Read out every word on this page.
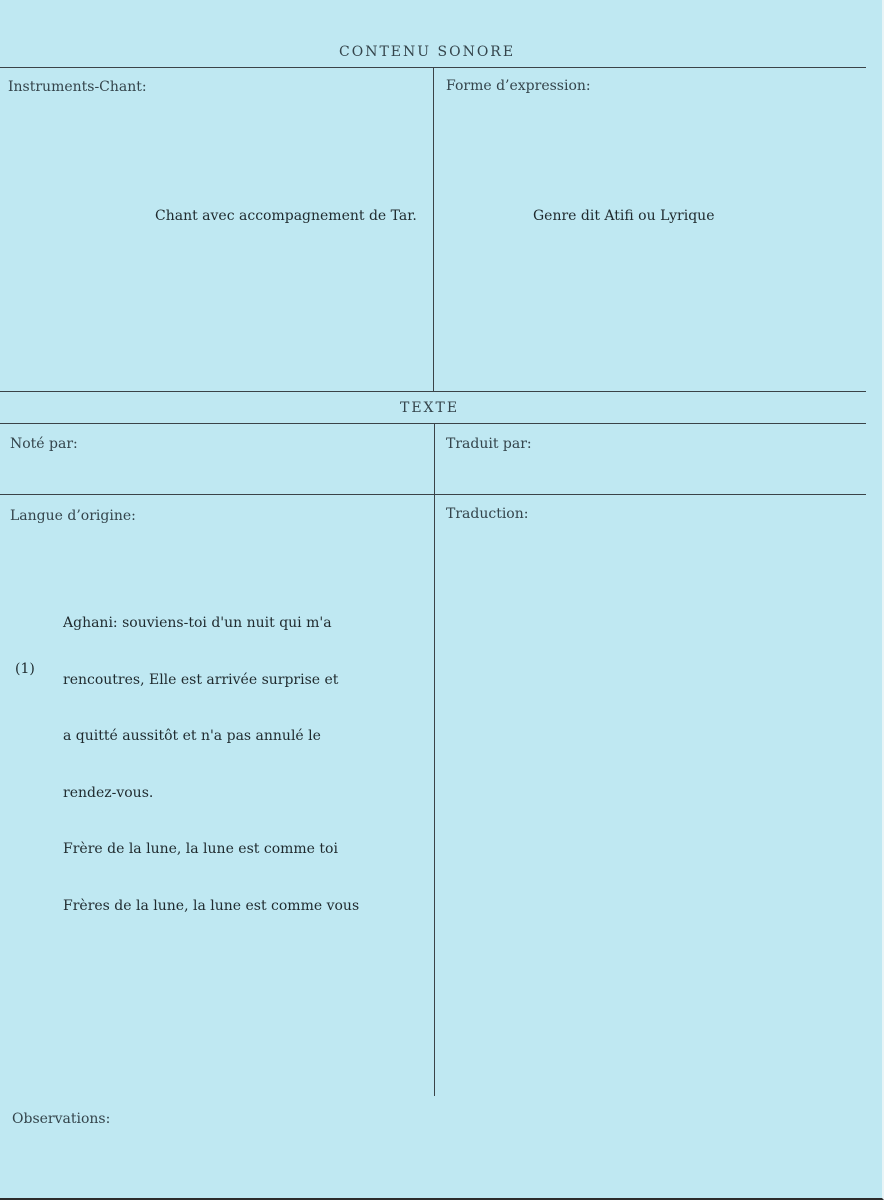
CONTENU SONORE
TEXTE
Instruments-Chant:	Forme d’expression:
Chant avec accompagnement de Tar.	Genre dit Atifi ou Lyrique
Noté par:	Traduit par:
Langue d’origine:	Traduction:

Aghani: souviens-toi d'un nuit qui m'a

rencoutres, Elle est arrivée surprise et

a quitté aussitôt et n'a pas annulé le

rendez-vous.

Frère de la lune, la lune est comme toi

Frères de la lune, la lune est comme vous

(1)
Observations:
